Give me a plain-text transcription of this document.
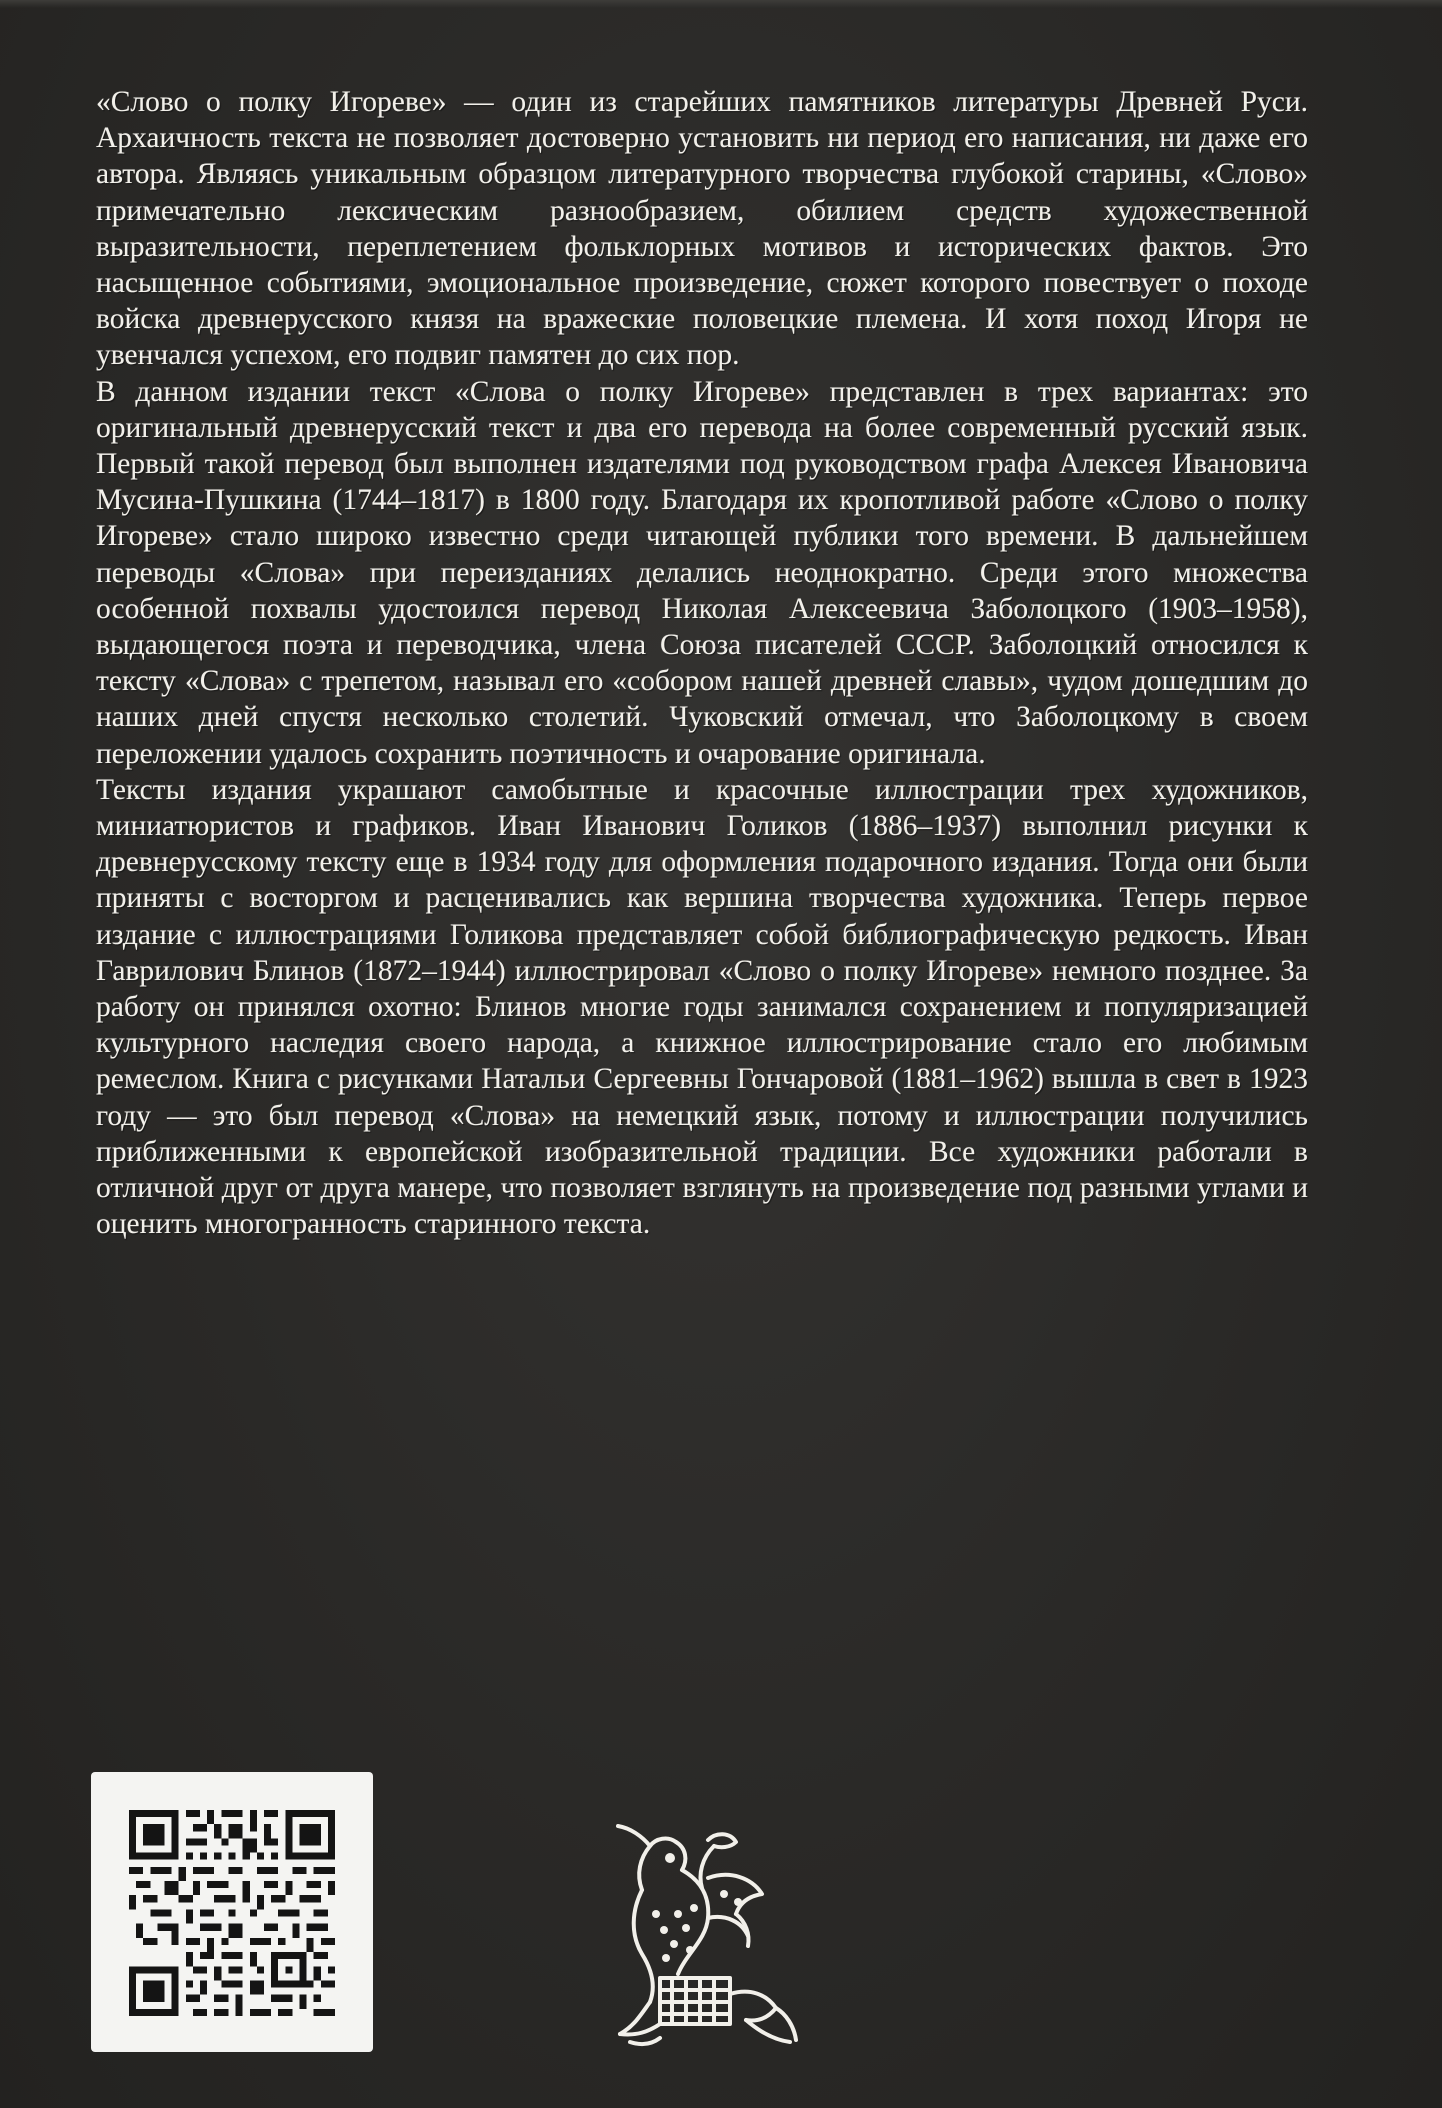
«Слово о полку Игореве» — один из старейших памятников литературы Древней Руси. Архаичность текста не позволяет достоверно установить ни период его написания, ни даже его автора. Являясь уникальным образцом литературного творчества глубокой старины, «Слово» примечательно лексическим разнообразием, обилием средств художественной выразительности, переплетением фольклорных мотивов и исторических фактов. Это насыщенное событиями, эмоциональное произведение, сюжет которого повествует о походе войска древнерусского князя на вражеские половецкие племена. И хотя поход Игоря не увенчался успехом, его подвиг памятен до сих пор.

В данном издании текст «Слова о полку Игореве» представлен в трех вариантах: это оригинальный древнерусский текст и два его перевода на более современный русский язык. Первый такой перевод был выполнен издателями под руководством графа Алексея Ивановича Мусина-Пушкина (1744–1817) в 1800 году. Благодаря их кропотливой работе «Слово о полку Игореве» стало широко известно среди читающей публики того времени. В дальнейшем переводы «Слова» при переизданиях делались неоднократно. Среди этого множества особенной похвалы удостоился перевод Николая Алексеевича Заболоцкого (1903–1958), выдающегося поэта и переводчика, члена Союза писателей СССР. Заболоцкий относился к тексту «Слова» с трепетом, называл его «собором нашей древней славы», чудом дошедшим до наших дней спустя несколько столетий. Чуковский отмечал, что Заболоцкому в своем переложении удалось сохранить поэтичность и очарование оригинала.

Тексты издания украшают самобытные и красочные иллюстрации трех художников, миниатюристов и графиков. Иван Иванович Голиков (1886–1937) выполнил рисунки к древнерусскому тексту еще в 1934 году для оформления подарочного издания. Тогда они были приняты с восторгом и расценивались как вершина творчества художника. Теперь первое издание с иллюстрациями Голикова представляет собой библиографическую редкость. Иван Гаврилович Блинов (1872–1944) иллюстрировал «Слово о полку Игореве» немного позднее. За работу он принялся охотно: Блинов многие годы занимался сохранением и популяризацией культурного наследия своего народа, а книжное иллюстрирование стало его любимым ремеслом. Книга с рисунками Натальи Сергеевны Гончаровой (1881–1962) вышла в свет в 1923 году — это был перевод «Слова» на немецкий язык, потому и иллюстрации получились приближенными к европейской изобразительной традиции. Все художники работали в отличной друг от друга манере, что позволяет взглянуть на произведение под разными углами и оценить многогранность старинного текста.
